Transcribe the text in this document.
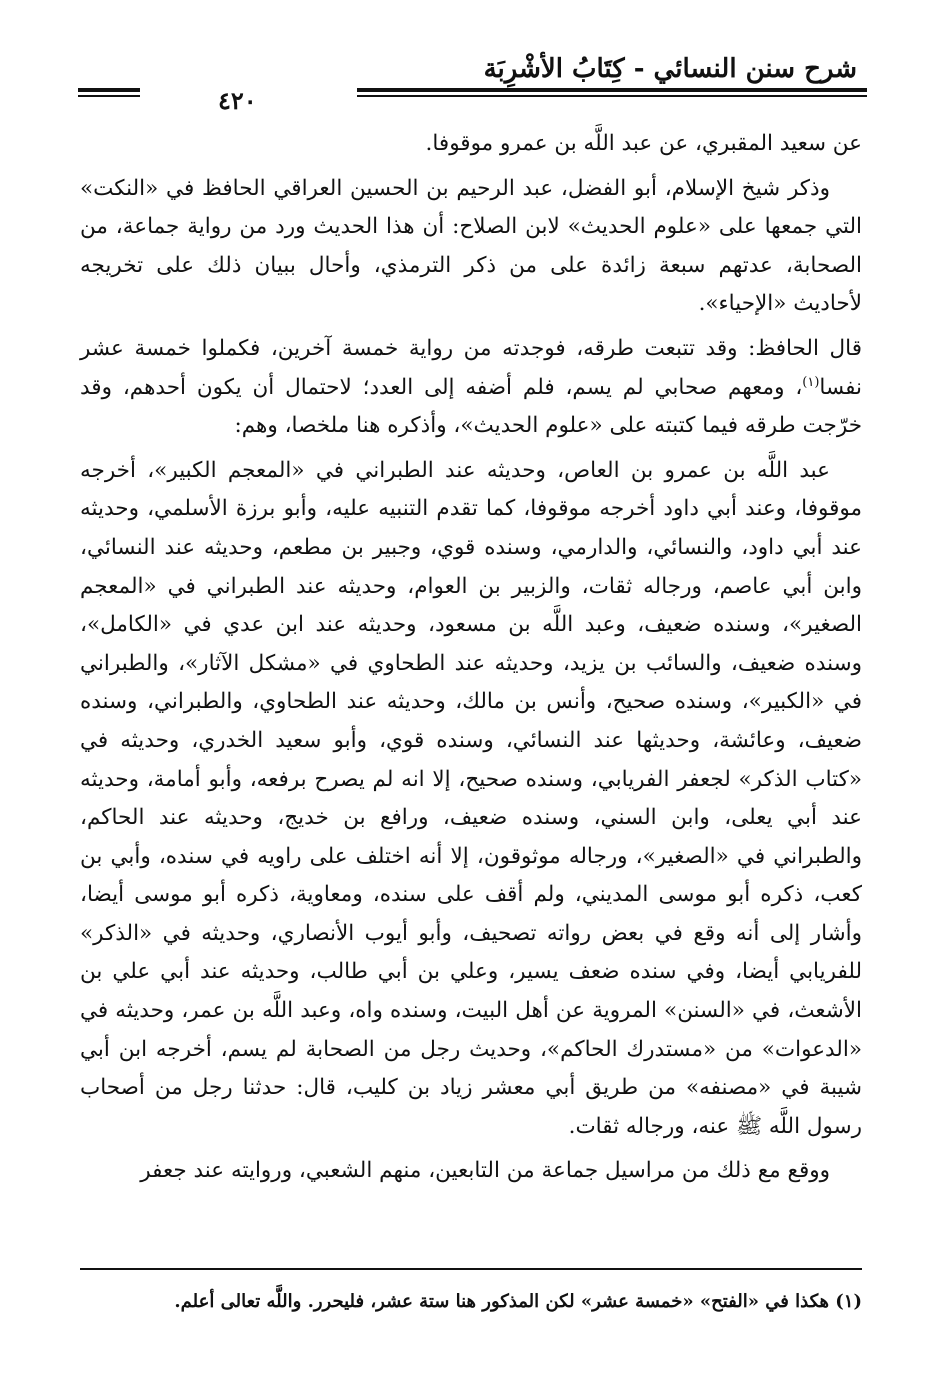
شرح سنن النسائي - كِتَابُ الأشْرِبَة
٤٢٠

عن سعيد المقبري، عن عبد اللَّه بن عمرو موقوفا.

وذكر شيخ الإسلام، أبو الفضل، عبد الرحيم بن الحسين العراقي الحافظ في «النكت» التي جمعها على «علوم الحديث» لابن الصلاح: أن هذا الحديث ورد من رواية جماعة، من الصحابة، عدتهم سبعة زائدة على من ذكر الترمذي، وأحال ببيان ذلك على تخريجه لأحاديث «الإحياء».

قال الحافظ: وقد تتبعت طرقه، فوجدته من رواية خمسة آخرين، فكملوا خمسة عشر نفسا$^{(١)}$، ومعهم صحابي لم يسم، فلم أضفه إلى العدد؛ لاحتمال أن يكون أحدهم، وقد خرّجت طرقه فيما كتبته على «علوم الحديث»، وأذكره هنا ملخصا، وهم:

عبد اللَّه بن عمرو بن العاص، وحديثه عند الطبراني في «المعجم الكبير»، أخرجه موقوفا، وعند أبي داود أخرجه موقوفا، كما تقدم التنبيه عليه، وأبو برزة الأسلمي، وحديثه عند أبي داود، والنسائي، والدارمي، وسنده قوي، وجبير بن مطعم، وحديثه عند النسائي، وابن أبي عاصم، ورجاله ثقات، والزبير بن العوام، وحديثه عند الطبراني في «المعجم الصغير»، وسنده ضعيف، وعبد اللَّه بن مسعود، وحديثه عند ابن عدي في «الكامل»، وسنده ضعيف، والسائب بن يزيد، وحديثه عند الطحاوي في «مشكل الآثار»، والطبراني في «الكبير»، وسنده صحيح، وأنس بن مالك، وحديثه عند الطحاوي، والطبراني، وسنده ضعيف، وعائشة، وحديثها عند النسائي، وسنده قوي، وأبو سعيد الخدري، وحديثه في «كتاب الذكر» لجعفر الفريابي، وسنده صحيح، إلا انه لم يصرح برفعه، وأبو أمامة، وحديثه عند أبي يعلى، وابن السني، وسنده ضعيف، ورافع بن خديج، وحديثه عند الحاكم، والطبراني في «الصغير»، ورجاله موثوقون، إلا أنه اختلف على راويه في سنده، وأبي بن كعب، ذكره أبو موسى المديني، ولم أقف على سنده، ومعاوية، ذكره أبو موسى أيضا، وأشار إلى أنه وقع في بعض رواته تصحيف، وأبو أيوب الأنصاري، وحديثه في «الذكر» للفريابي أيضا، وفي سنده ضعف يسير، وعلي بن أبي طالب، وحديثه عند أبي علي بن الأشعث، في «السنن» المروية عن أهل البيت، وسنده واه، وعبد اللَّه بن عمر، وحديثه في «الدعوات» من «مستدرك الحاكم»، وحديث رجل من الصحابة لم يسم، أخرجه ابن أبي شيبة في «مصنفه» من طريق أبي معشر زياد بن كليب، قال: حدثنا رجل من أصحاب رسول اللَّه ﷺ عنه، ورجاله ثقات.

ووقع مع ذلك من مراسيل جماعة من التابعين، منهم الشعبي، وروايته عند جعفر

(١) هكذا في «الفتح» «خمسة عشر» لكن المذكور هنا ستة عشر، فليحرر. واللَّه تعالى أعلم.
